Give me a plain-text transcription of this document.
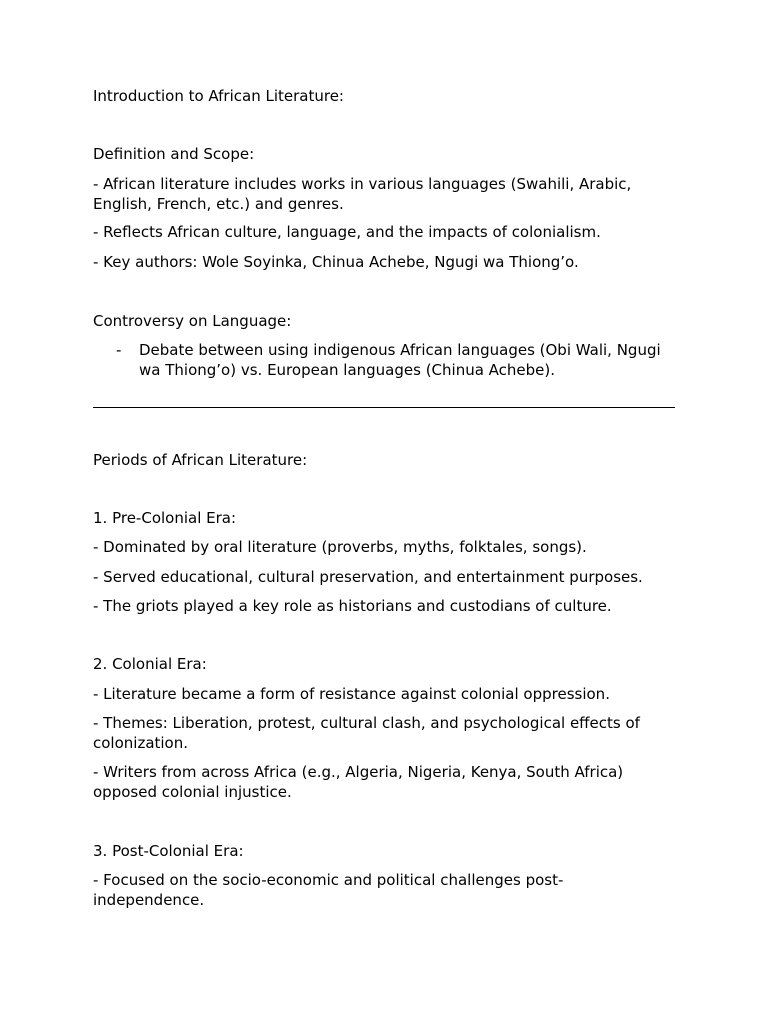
Introduction to African Literature:

Definition and Scope:

- African literature includes works in various languages (Swahili, Arabic, English, French, etc.) and genres.

- Reflects African culture, language, and the impacts of colonialism.

- Key authors: Wole Soyinka, Chinua Achebe, Ngugi wa Thiong’o.

Controversy on Language:

- Debate between using indigenous African languages (Obi Wali, Ngugi wa Thiong’o) vs. European languages (Chinua Achebe).

Periods of African Literature:

1. Pre-Colonial Era:

- Dominated by oral literature (proverbs, myths, folktales, songs).

- Served educational, cultural preservation, and entertainment purposes.

- The griots played a key role as historians and custodians of culture.

2. Colonial Era:

- Literature became a form of resistance against colonial oppression.

- Themes: Liberation, protest, cultural clash, and psychological effects of colonization.

- Writers from across Africa (e.g., Algeria, Nigeria, Kenya, South Africa) opposed colonial injustice.

3. Post-Colonial Era:

- Focused on the socio-economic and political challenges post-independence.
